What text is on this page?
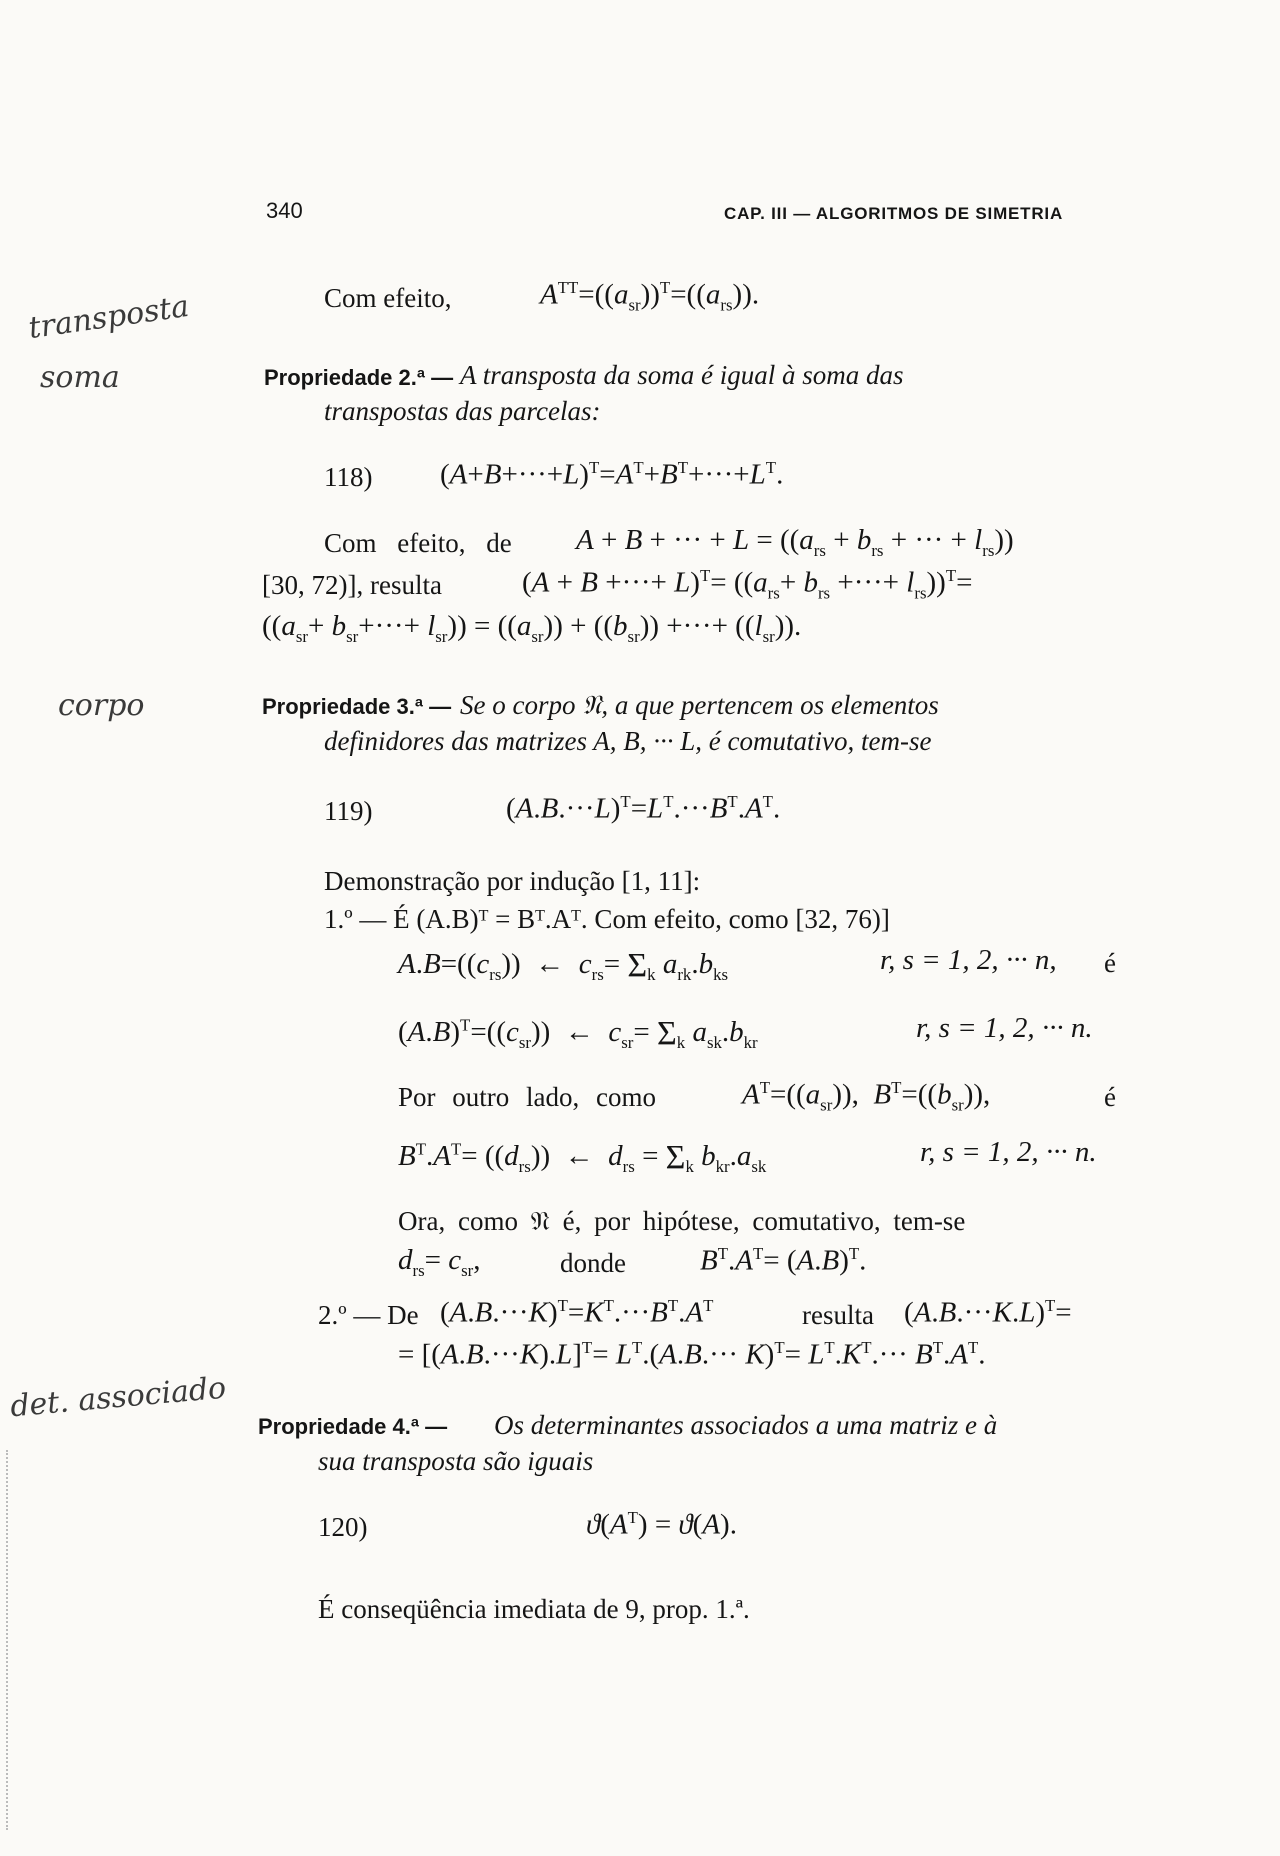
340	CAP. III — ALGORITMOS DE SIMETRIA
transposta
soma
corpo
det. associado
Com efeito,	$A^{TT}=((a_{sr}))^T=((a_{rs}))$.
Propriedade 2.ª — A transposta da soma é igual à soma das
transpostas das parcelas:
118) $(A+B+\cdot\cdot\cdot+L)^T=A^T+B^T+\cdot\cdot\cdot+L^T$.
Com efeito, de A + B + ··· + $L = ((a_{rs} + b_{rs}$ + ··· + $l_{rs}$))
[30, 72)], resulta	(A + B +···+ $L)^T= ((a_{rs}+ b_{rs}$ +···+ $l_{rs}))^T=$
$((a_{sr}+ b_{sr}+\cdot\cdot\cdot+ l_{sr})) = ((a_{sr})) + ((b_{sr}))$ +···+ $((l_{sr}))$.
Propriedade 3.ª — Se o corpo 𝔑, a que pertencem os elementos
definidores das matrizes A, B, ··· L, é comutativo, tem-se
119)	$(A.B.\cdot\cdot\cdot L)^T=L^T.\cdot\cdot\cdot B^T.A^T$.
Demonstração por indução [1, 11]:
1.º — É (A.B)ᵀ = Bᵀ.Aᵀ. Com efeito, como [32, 76)]
$A.B=((c_{rs}))$  ←  $c_{rs}= \Sigma_k$ $a_{rk}.b_{ks}$	r, s = 1, 2, ··· n, é
$(A.B)^T=((c_{sr}))$  ←  $c_{sr}= \Sigma_k$ $a_{sk}.b_{kr}$	r, s = 1, 2, ··· n.
Por outro lado, como	$A^T=((a_{sr}))$,  $B^T=((b_{sr}))$,	é
$B^T.A^T= ((d_{rs}))$  ←  $d_{rs} = \Sigma_k$ $b_{kr}.a_{sk}$	r, s = 1, 2, ··· n.
Ora, como 𝔑 é, por hipótese, comutativo, tem-se
$d_{rs}= c_{sr}$,	donde	$B^T.A^T= (A.B)^T$.
2.º — De $(A.B.\cdot\cdot\cdot K)^T=K^T.\cdot\cdot\cdot B^T.A^T$	resulta $(A.B.\cdot\cdot\cdot K.L)^T=$
= $[(A.B.\cdot\cdot\cdot K).L]^T= L^T.(A.B.\cdot\cdot\cdot K)^T= L^T.K^T.\cdot\cdot\cdot B^T.A^T$.
Propriedade 4.ª — Os determinantes associados a uma matriz e à
sua transposta são iguais
120)	$ϑ(A^T) = ϑ(A)$.
É conseqüência imediata de 9, prop. 1.ª.
